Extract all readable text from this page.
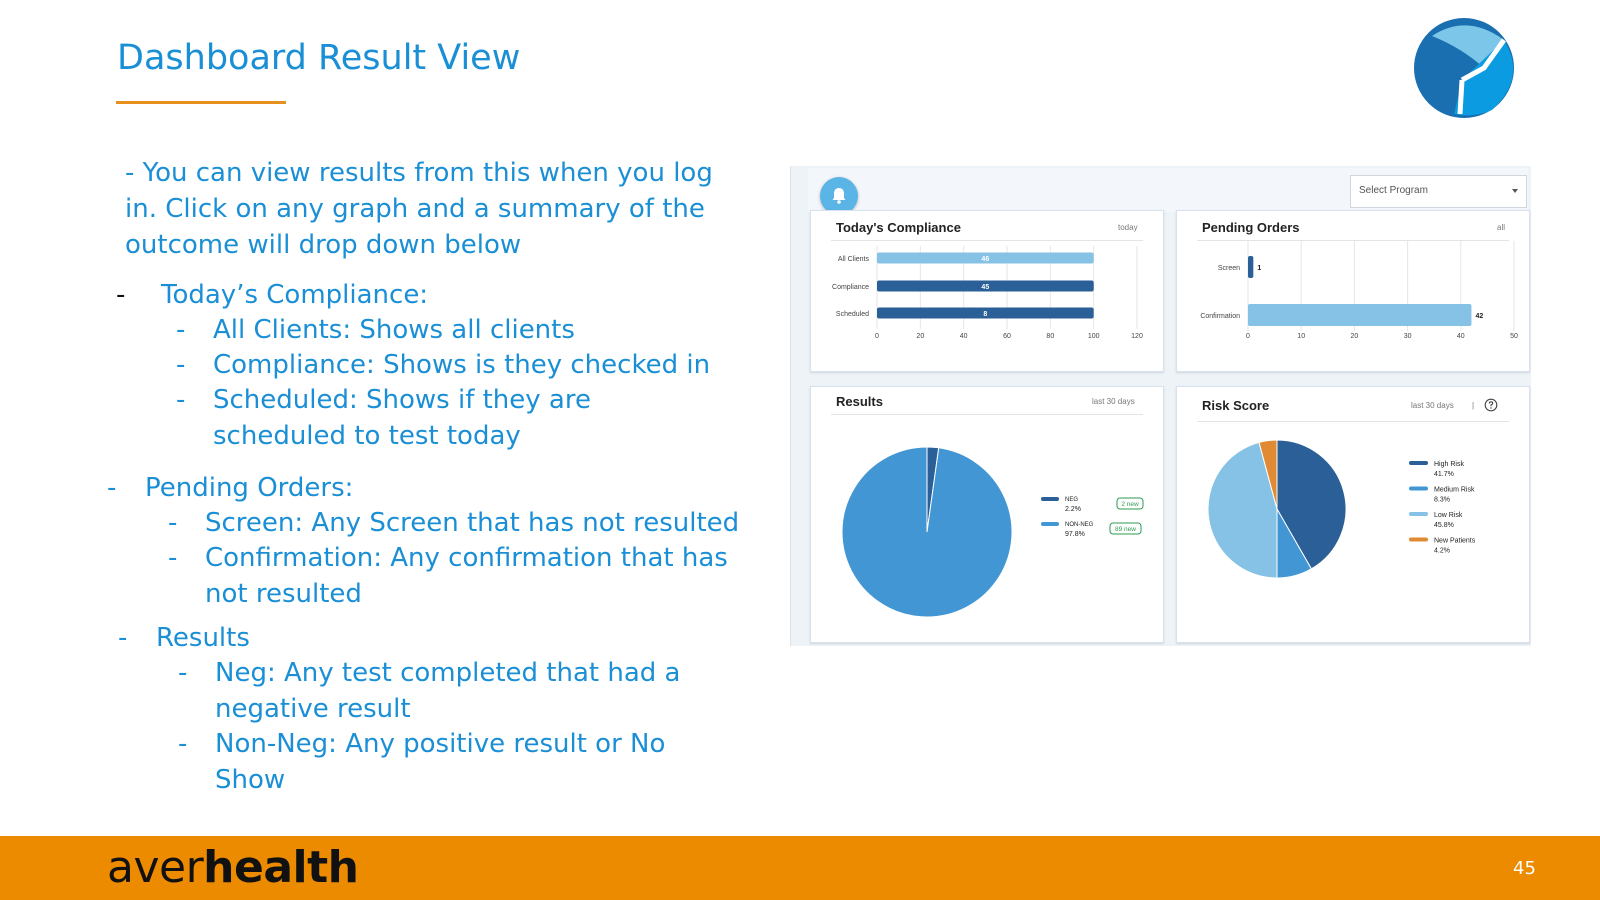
Dashboard Result View
- You can view results from this when you log in. Click on any graph and a summary of the outcome will drop down below
- Today’s Compliance:
- All Clients: Shows all clients
- Compliance: Shows is they checked in
- Scheduled: Shows if they are scheduled to test today
- Pending Orders:
- Screen: Any Screen that has not resulted
- Confirmation: Any confirmation that has not resulted
- Results
- Neg: Any test completed that had a negative result
- Non-Neg: Any positive result or No Show
Select Program
Today's Compliance	today
0	20	40	60	80	100	120
All Clients	46
Compliance	45
Scheduled	8
Pending Orders	all
0	10	20	30	40	50
Screen 1
Confirmation	42
Results	last 30 days
NEG
2.2%
2 new
NON-NEG
97.8%
89 new
Risk Score	last 30 days |
High Risk
41.7%
Medium Risk
8.3%
Low Risk
45.8%
New Patients
4.2%
averhealth	45
